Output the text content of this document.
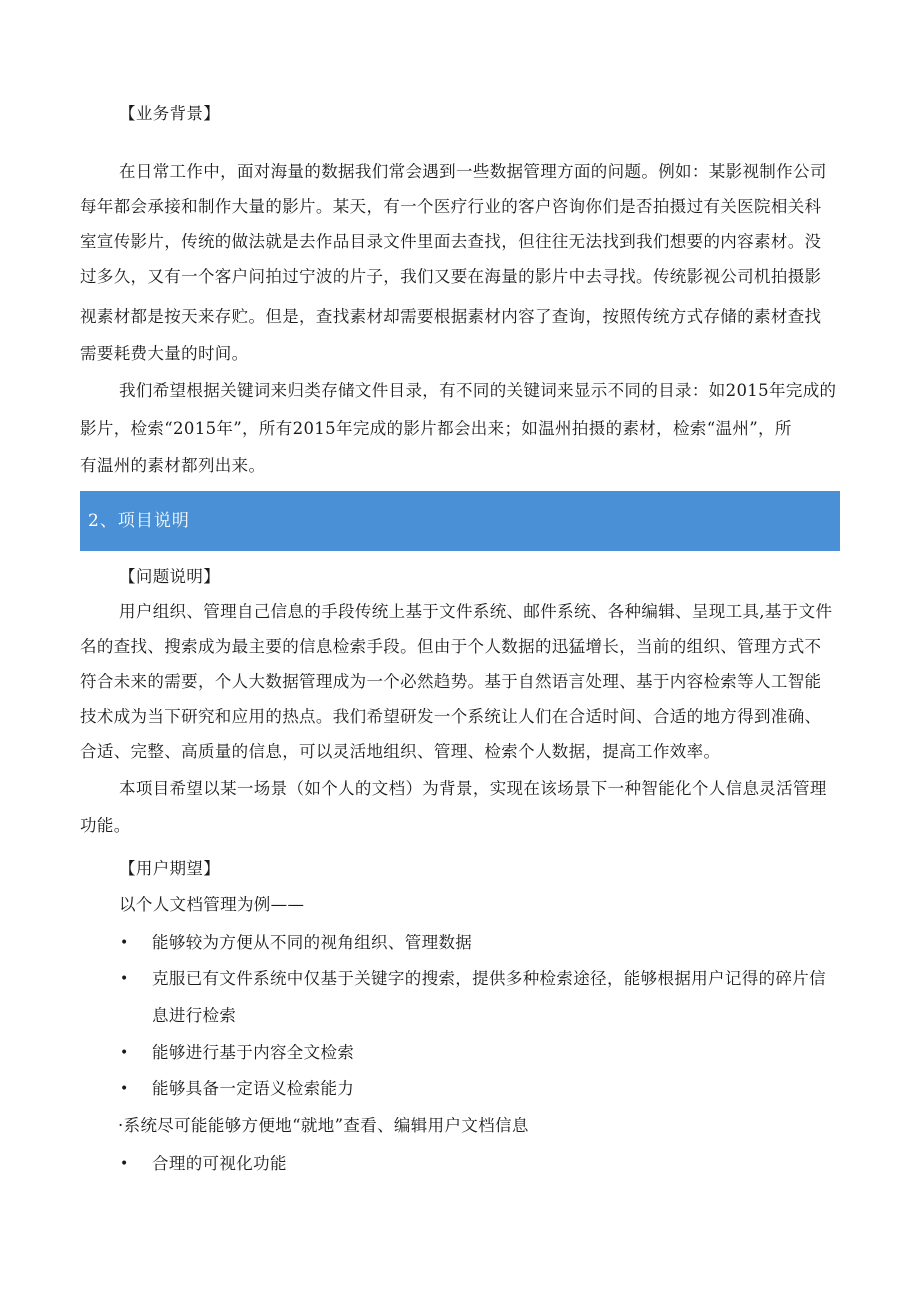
【业务背景】
在日常工作中，面对海量的数据我们常会遇到一些数据管理方面的问题。例如：某影视制作公司
每年都会承接和制作大量的影片。某天，有一个医疗行业的客户咨询你们是否拍摄过有关医院相关科
室宣传影片，传统的做法就是去作品目录文件里面去查找，但往往无法找到我们想要的内容素材。没
过多久，又有一个客户问拍过宁波的片子，我们又要在海量的影片中去寻找。传统影视公司机拍摄影
视素材都是按天来存贮。但是，查找素材却需要根据素材内容了查询，按照传统方式存储的素材查找
需要耗费大量的时间。
我们希望根据关键词来归类存储文件目录，有不同的关键词来显示不同的目录：如2015年完成的
影片，检索“2015年”，所有2015年完成的影片都会出来；如温州拍摄的素材，检索“温州”，所
有温州的素材都列出来。
2、项目说明
【问题说明】
用户组织、管理自己信息的手段传统上基于文件系统、邮件系统、各种编辑、呈现工具,基于文件
名的查找、搜索成为最主要的信息检索手段。但由于个人数据的迅猛增长，当前的组织、管理方式不
符合未来的需要，个人大数据管理成为一个必然趋势。基于自然语言处理、基于内容检索等人工智能
技术成为当下研究和应用的热点。我们希望研发一个系统让人们在合适时间、合适的地方得到准确、
合适、完整、高质量的信息，可以灵活地组织、管理、检索个人数据，提高工作效率。
本项目希望以某一场景（如个人的文档）为背景，实现在该场景下一种智能化个人信息灵活管理
功能。
【用户期望】
以个人文档管理为例——
• 能够较为方便从不同的视角组织、管理数据
• 克服已有文件系统中仅基于关键字的搜索，提供多种检索途径，能够根据用户记得的碎片信
息进行检索
• 能够进行基于内容全文检索
• 能够具备一定语义检索能力
·系统尽可能能够方便地“就地”查看、编辑用户文档信息
• 合理的可视化功能
